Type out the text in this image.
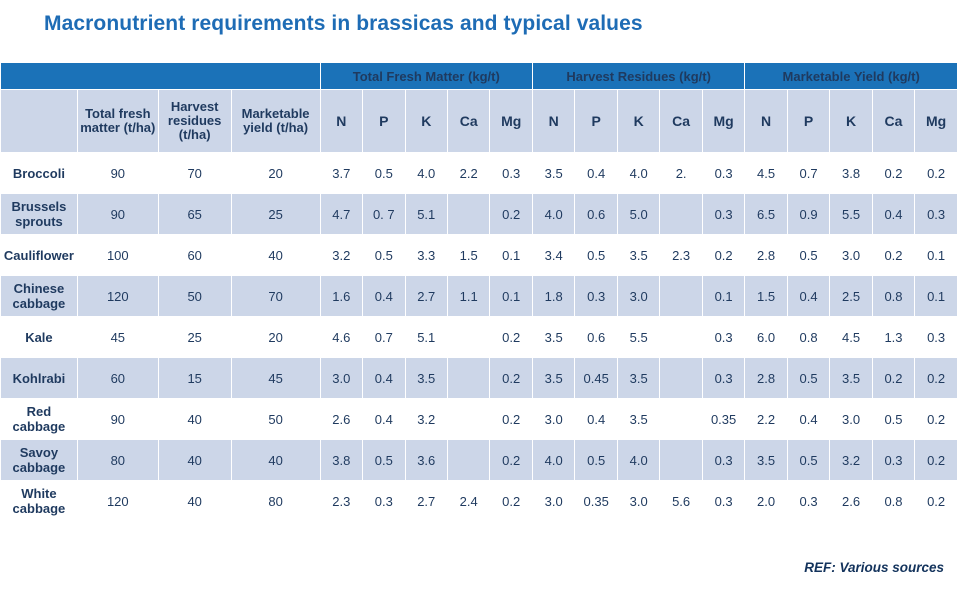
Macronutrient requirements in brassicas and typical values
				Total Fresh Matter (kg/t)					Harvest Residues (kg/t)					Marketable Yield (kg/t)				
	Total fresh matter (t/ha)	Harvest residues (t/ha)	Marketable yield (t/ha)	N	P	K	Ca	Mg	N	P	K	Ca	Mg	N	P	K	Ca	Mg
Broccoli	90	70	20	3.7	0.5	4.0	2.2	0.3	3.5	0.4	4.0	2.	0.3	4.5	0.7	3.8	0.2	0.2
Brussels sprouts	90	65	25	4.7	0. 7	5.1		0.2	4.0	0.6	5.0		0.3	6.5	0.9	5.5	0.4	0.3
Cauliflower	100	60	40	3.2	0.5	3.3	1.5	0.1	3.4	0.5	3.5	2.3	0.2	2.8	0.5	3.0	0.2	0.1
Chinese cabbage	120	50	70	1.6	0.4	2.7	1.1	0.1	1.8	0.3	3.0		0.1	1.5	0.4	2.5	0.8	0.1
Kale	45	25	20	4.6	0.7	5.1		0.2	3.5	0.6	5.5		0.3	6.0	0.8	4.5	1.3	0.3
Kohlrabi	60	15	45	3.0	0.4	3.5		0.2	3.5	0.45	3.5		0.3	2.8	0.5	3.5	0.2	0.2
Red cabbage	90	40	50	2.6	0.4	3.2		0.2	3.0	0.4	3.5		0.35	2.2	0.4	3.0	0.5	0.2
Savoy cabbage	80	40	40	3.8	0.5	3.6		0.2	4.0	0.5	4.0		0.3	3.5	0.5	3.2	0.3	0.2
White cabbage	120	40	80	2.3	0.3	2.7	2.4	0.2	3.0	0.35	3.0	5.6	0.3	2.0	0.3	2.6	0.8	0.2
REF: Various sources
